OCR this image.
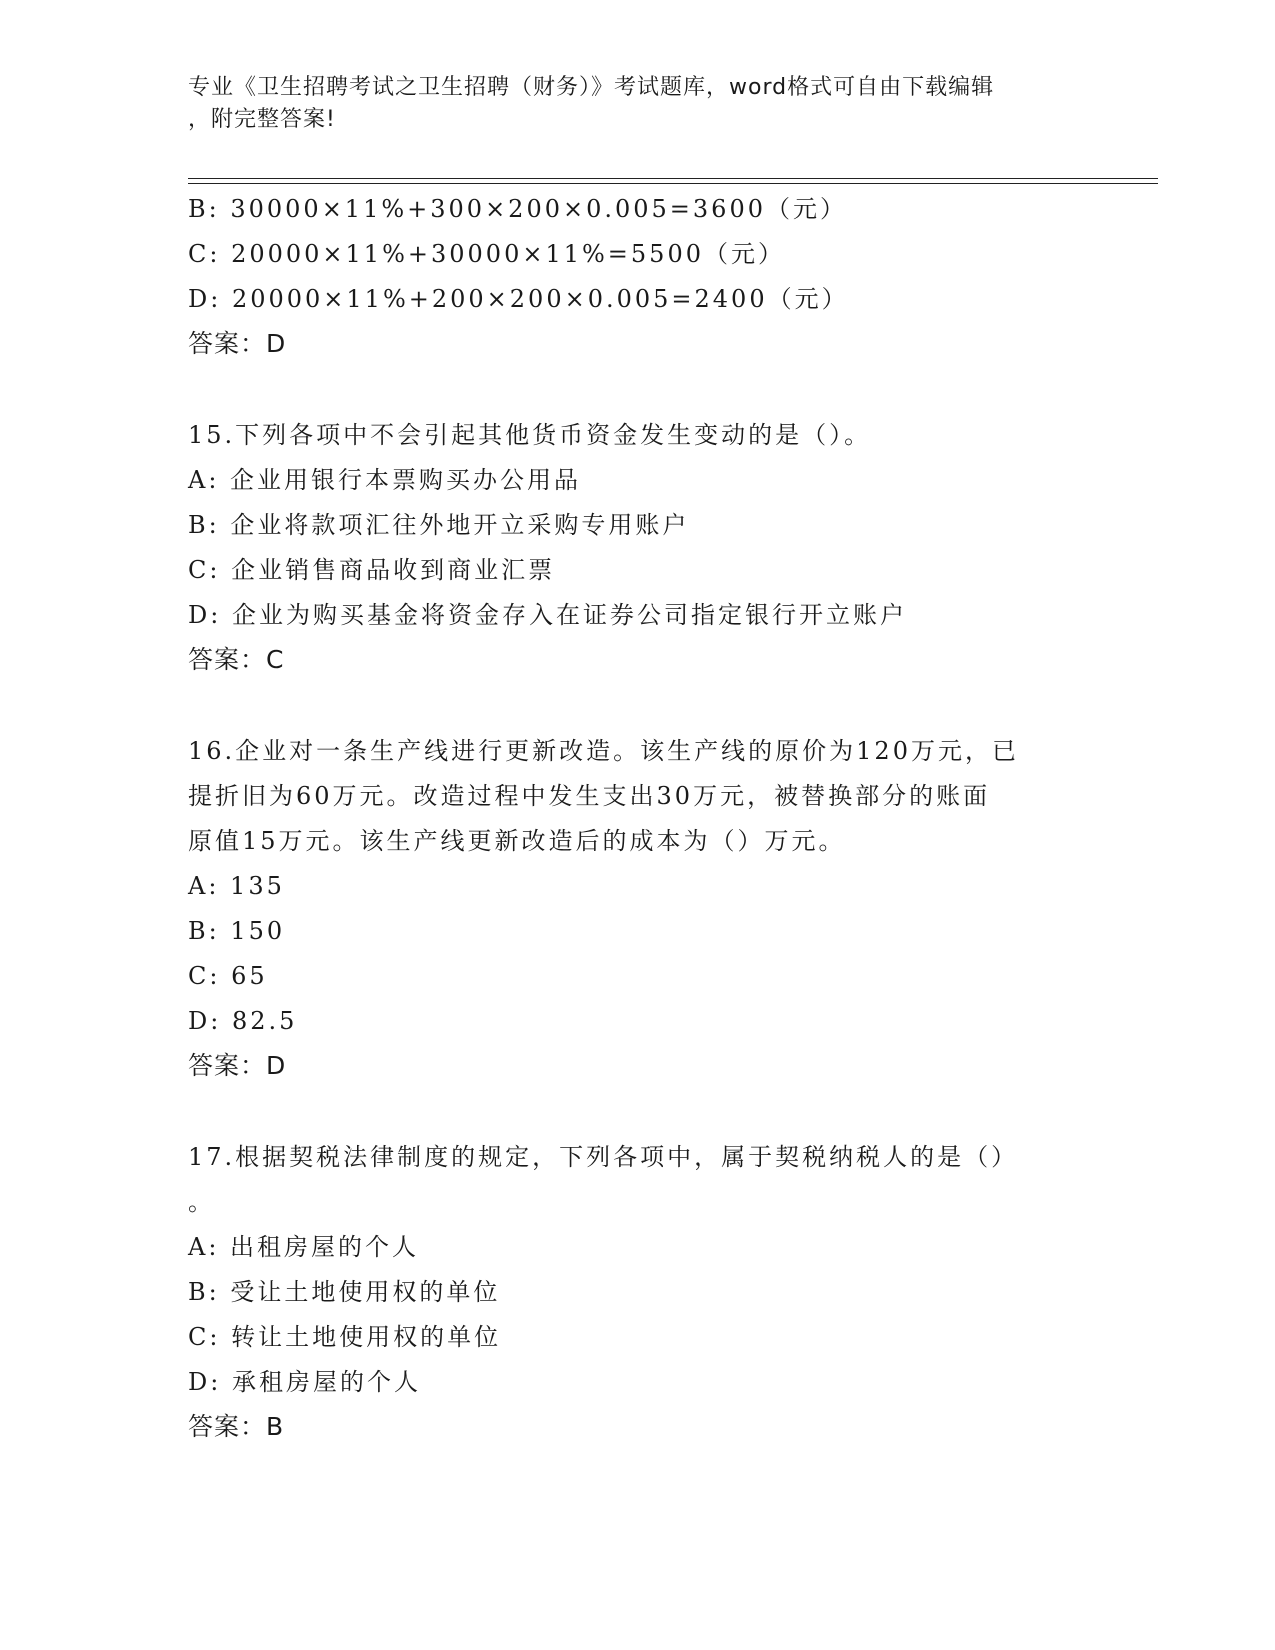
专业《卫生招聘考试之卫生招聘（财务）》考试题库，word格式可自由下载编辑
，附完整答案!
B: 30000×11%+300×200×0.005=3600（元）
C: 20000×11%+30000×11%=5500（元）
D: 20000×11%+200×200×0.005=2400（元）
答案：D
15.下列各项中不会引起其他货币资金发生变动的是（）。
A: 企业用银行本票购买办公用品
B: 企业将款项汇往外地开立采购专用账户
C: 企业销售商品收到商业汇票
D: 企业为购买基金将资金存入在证券公司指定银行开立账户
答案：C
16.企业对一条生产线进行更新改造。该生产线的原价为120万元，已
提折旧为60万元。改造过程中发生支出30万元，被替换部分的账面
原值15万元。该生产线更新改造后的成本为（）万元。
A: 135
B: 150
C: 65
D: 82.5
答案：D
17.根据契税法律制度的规定，下列各项中，属于契税纳税人的是（）
。
A: 出租房屋的个人
B: 受让土地使用权的单位
C: 转让土地使用权的单位
D: 承租房屋的个人
答案：B
